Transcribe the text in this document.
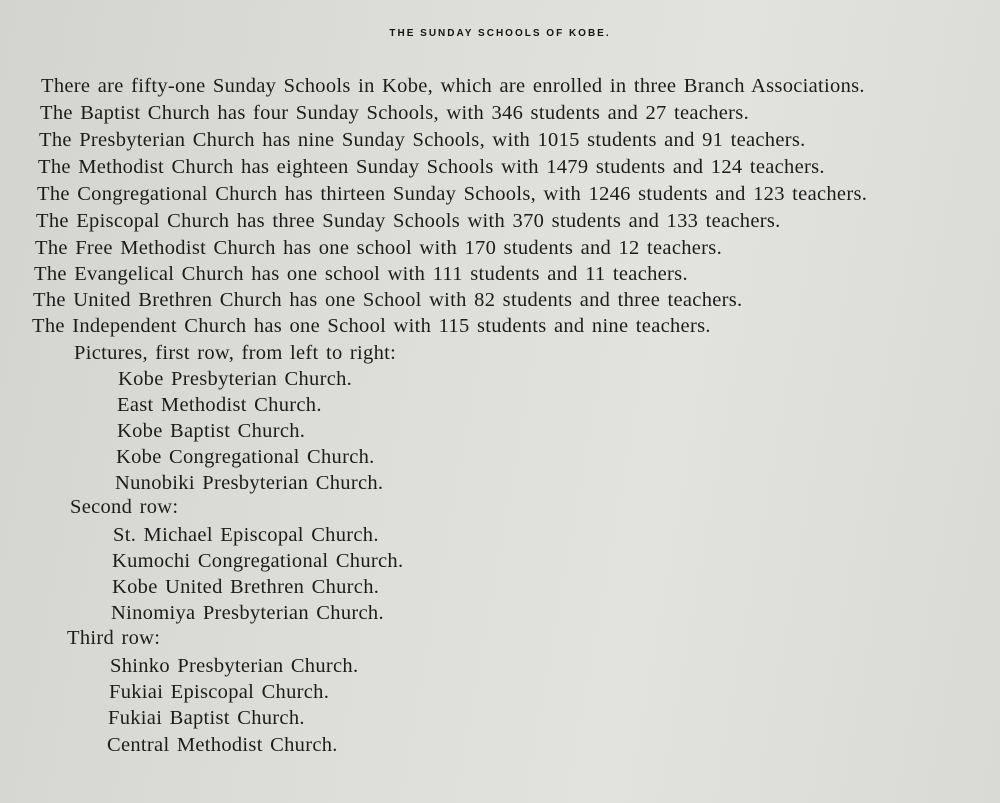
THE SUNDAY SCHOOLS OF KOBE.
There are fifty-one Sunday Schools in Kobe, which are enrolled in three Branch Associations.
The Baptist Church has four Sunday Schools, with 346 students and 27 teachers.
The Presbyterian Church has nine Sunday Schools, with 1015 students and 91 teachers.
The Methodist Church has eighteen Sunday Schools with 1479 students and 124 teachers.
The Congregational Church has thirteen Sunday Schools, with 1246 students and 123 teachers.
The Episcopal Church has three Sunday Schools with 370 students and 133 teachers.
The Free Methodist Church has one school with 170 students and 12 teachers.
The Evangelical Church has one school with 111 students and 11 teachers.
The United Brethren Church has one School with 82 students and three teachers.
The Independent Church has one School with 115 students and nine teachers.
Pictures, first row, from left to right:
Kobe Presbyterian Church.
East Methodist Church.
Kobe Baptist Church.
Kobe Congregational Church.
Nunobiki Presbyterian Church.
Second row:
St. Michael Episcopal Church.
Kumochi Congregational Church.
Kobe United Brethren Church.
Ninomiya Presbyterian Church.
Third row:
Shinko Presbyterian Church.
Fukiai Episcopal Church.
Fukiai Baptist Church.
Central Methodist Church.
